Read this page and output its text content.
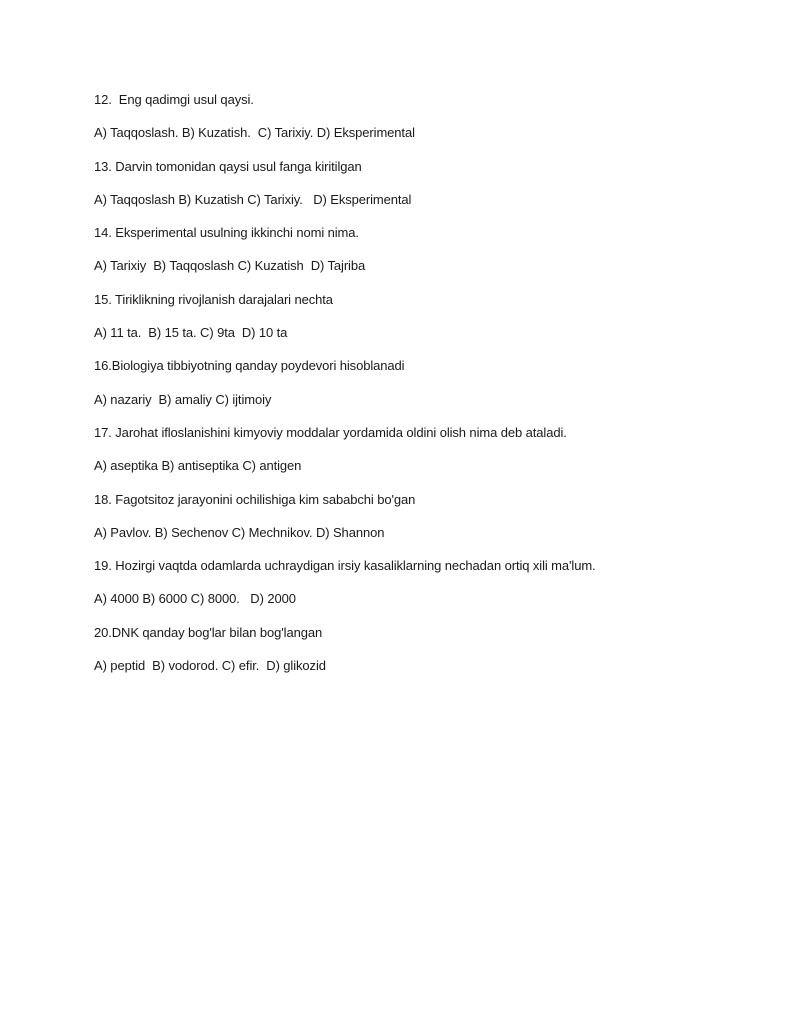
12.  Eng qadimgi usul qaysi.
A) Taqqoslash. B) Kuzatish.  C) Tarixiy. D) Eksperimental
13. Darvin tomonidan qaysi usul fanga kiritilgan
A) Taqqoslash B) Kuzatish C) Tarixiy.   D) Eksperimental
14. Eksperimental usulning ikkinchi nomi nima.
A) Tarixiy  B) Taqqoslash C) Kuzatish  D) Tajriba
15. Tiriklikning rivojlanish darajalari nechta
A) 11 ta.  B) 15 ta. C) 9ta  D) 10 ta
16.Biologiya tibbiyotning qanday poydevori hisoblanadi
A) nazariy  B) amaliy C) ijtimoiy
17. Jarohat ifloslanishini kimyoviy moddalar yordamida oldini olish nima deb ataladi.
A) aseptika B) antiseptika C) antigen
18. Fagotsitoz jarayonini ochilishiga kim sababchi bo'gan
A) Pavlov. B) Sechenov C) Mechnikov. D) Shannon
19. Hozirgi vaqtda odamlarda uchraydigan irsiy kasaliklarning nechadan ortiq xili ma'lum.
A) 4000 B) 6000 C) 8000.   D) 2000
20.DNK qanday bog'lar bilan bog'langan
A) peptid  B) vodorod. C) efir.  D) glikozid
